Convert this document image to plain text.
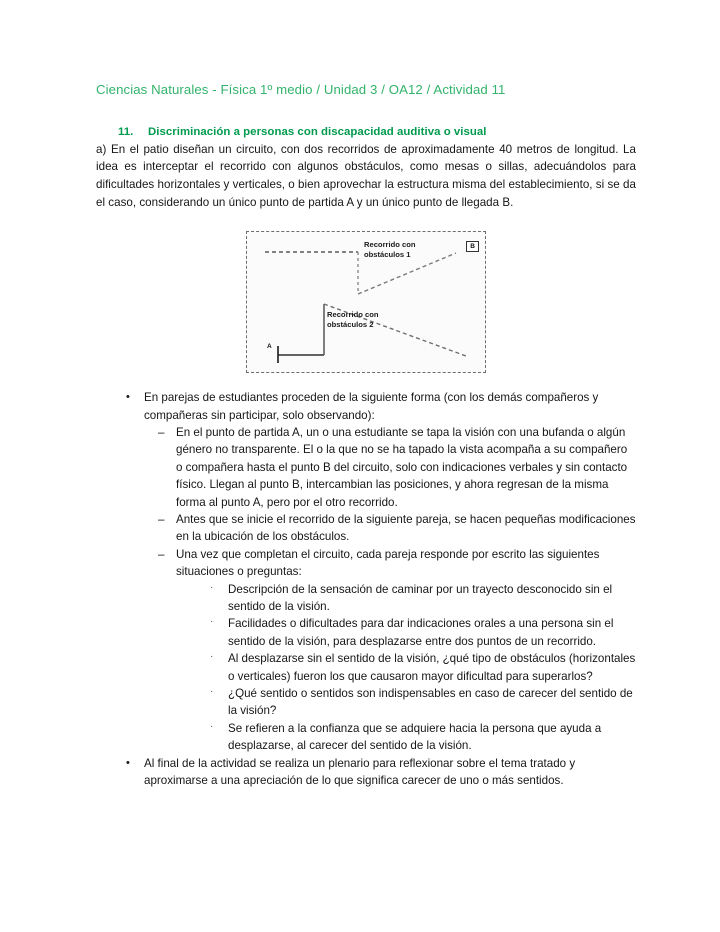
Ciencias Naturales - Física 1º medio / Unidad 3 / OA12 / Actividad 11
11.	Discriminación a personas con discapacidad auditiva o visual

a) En el patio diseñan un circuito, con dos recorridos de aproximadamente 40 metros de longitud. La idea es interceptar el recorrido con algunos obstáculos, como mesas o sillas, adecuándolos para dificultades horizontales y verticales, o bien aprovechar la estructura misma del establecimiento, si se da el caso, considerando un único punto de partida A y un único punto de llegada B.

Recorrido con
obstáculos 1
Recorrido con
obstáculos 2
B
A
• En parejas de estudiantes proceden de la siguiente forma (con los demás compañeros y compañeras sin participar, solo observando):
– En el punto de partida A, un o una estudiante se tapa la visión con una bufanda o algún género no transparente. El o la que no se ha tapado la vista acompaña a su compañero o compañera hasta el punto B del circuito, solo con indicaciones verbales y sin contacto físico. Llegan al punto B, intercambian las posiciones, y ahora regresan de la misma forma al punto A, pero por el otro recorrido.
– Antes que se inicie el recorrido de la siguiente pareja, se hacen pequeñas modificaciones en la ubicación de los obstáculos.
– Una vez que completan el circuito, cada pareja responde por escrito las siguientes situaciones o preguntas:
· Descripción de la sensación de caminar por un trayecto desconocido sin el sentido de la visión.
· Facilidades o dificultades para dar indicaciones orales a una persona sin el sentido de la visión, para desplazarse entre dos puntos de un recorrido.
· Al desplazarse sin el sentido de la visión, ¿qué tipo de obstáculos (horizontales o verticales) fueron los que causaron mayor dificultad para superarlos?
· ¿Qué sentido o sentidos son indispensables en caso de carecer del sentido de la visión?
· Se refieren a la confianza que se adquiere hacia la persona que ayuda a desplazarse, al carecer del sentido de la visión.
• Al final de la actividad se realiza un plenario para reflexionar sobre el tema tratado y aproximarse a una apreciación de lo que significa carecer de uno o más sentidos.
